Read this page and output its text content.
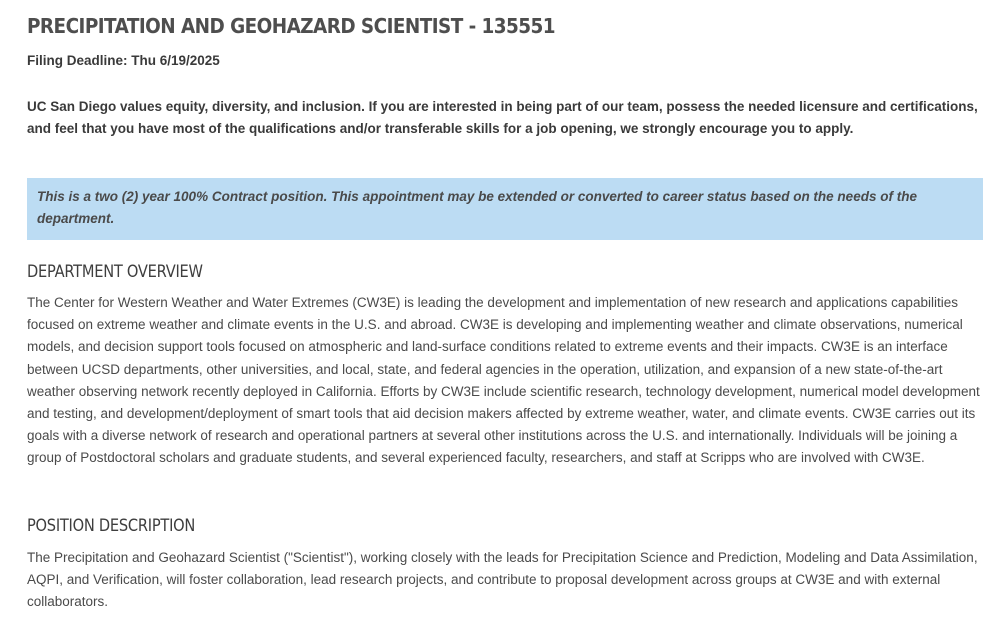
PRECIPITATION AND GEOHAZARD SCIENTIST - 135551
Filing Deadline: Thu 6/19/2025

UC San Diego values equity, diversity, and inclusion. If you are interested in being part of our team, possess the needed licensure and certifications, and feel that you have most of the qualifications and/or transferable skills for a job opening, we strongly encourage you to apply.

This is a two (2) year 100% Contract position. This appointment may be extended or converted to career status based on the needs of the department.
DEPARTMENT OVERVIEW

The Center for Western Weather and Water Extremes (CW3E) is leading the development and implementation of new research and applications capabilities focused on extreme weather and climate events in the U.S. and abroad. CW3E is developing and implementing weather and climate observations, numerical models, and decision support tools focused on atmospheric and land-surface conditions related to extreme events and their impacts. CW3E is an interface between UCSD departments, other universities, and local, state, and federal agencies in the operation, utilization, and expansion of a new state-of-the-art weather observing network recently deployed in California. Efforts by CW3E include scientific research, technology development, numerical model development and testing, and development/deployment of smart tools that aid decision makers affected by extreme weather, water, and climate events. CW3E carries out its goals with a diverse network of research and operational partners at several other institutions across the U.S. and internationally. Individuals will be joining a group of Postdoctoral scholars and graduate students, and several experienced faculty, researchers, and staff at Scripps who are involved with CW3E.

POSITION DESCRIPTION

The Precipitation and Geohazard Scientist ("Scientist"), working closely with the leads for Precipitation Science and Prediction, Modeling and Data Assimilation, AQPI, and Verification, will foster collaboration, lead research projects, and contribute to proposal development across groups at CW3E and with external collaborators.
